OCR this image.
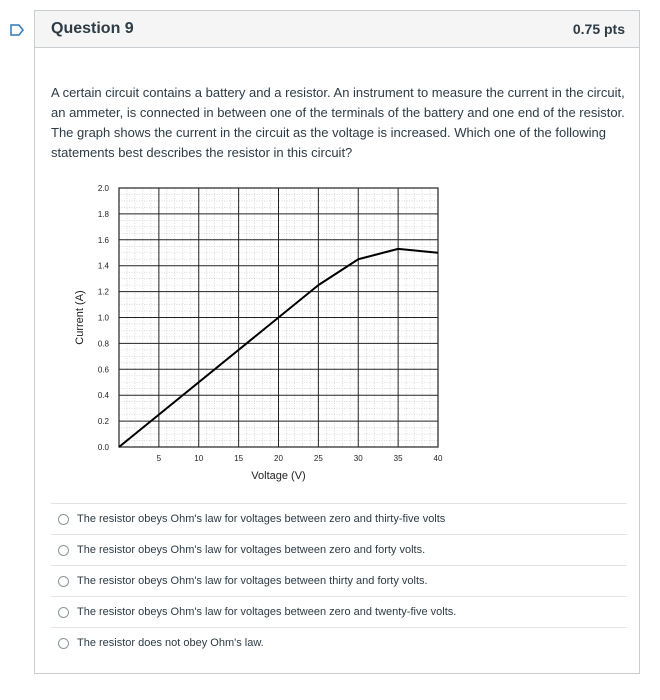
Question 9	0.75 pts

A certain circuit contains a battery and a resistor. An instrument to measure the current in the circuit, an ammeter, is connected in between one of the terminals of the battery and one end of the resistor. The graph shows the current in the circuit as the voltage is increased. Which one of the following statements best describes the resistor in this circuit?

5	10	15	20	25	30	35	40
0.0
0.2
0.4
0.6
0.8
1.0
1.2
1.4
1.6
1.8
2.0
Voltage (V)
Current (A)
The resistor obeys Ohm's law for voltages between zero and thirty-five volts
The resistor obeys Ohm's law for voltages between zero and forty volts.
The resistor obeys Ohm's law for voltages between thirty and forty volts.
The resistor obeys Ohm's law for voltages between zero and twenty-five volts.
The resistor does not obey Ohm's law.
